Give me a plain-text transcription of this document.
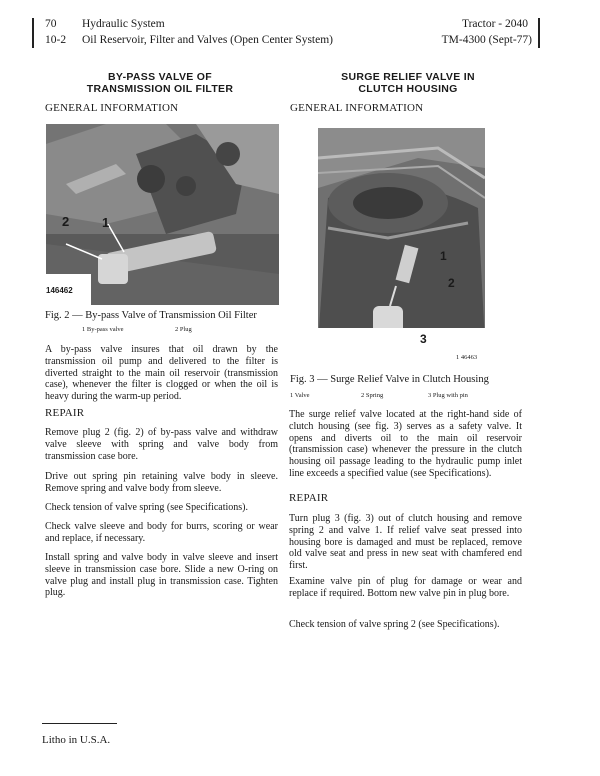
70 Hydraulic System
10-2 Oil Reservoir, Filter and Valves (Open Center System)
Tractor - 2040
TM-4300 (Sept-77)
BY-PASS VALVE OF
TRANSMISSION OIL FILTER
GENERAL INFORMATION
2	1
146462
Fig. 2 — By-pass Valve of Transmission Oil Filter
1 By-pass valve	2 Plug
A by-pass valve insures that oil drawn by the transmission oil pump and delivered to the filter is diverted straight to the main oil reservoir (transmission case), whenever the filter is clogged or when the oil is heavy during the warm-up period.
REPAIR
Remove plug 2 (fig. 2) of by-pass valve and withdraw valve sleeve with spring and valve body from transmission case bore.
Drive out spring pin retaining valve body in sleeve. Remove spring and valve body from sleeve.
Check tension of valve spring (see Specifications).
Check valve sleeve and body for burrs, scoring or wear and replace, if necessary.
Install spring and valve body in valve sleeve and insert sleeve in transmission case bore. Slide a new O-ring on valve plug and install plug in transmission case. Tighten plug.
SURGE RELIEF VALVE IN
CLUTCH HOUSING
GENERAL INFORMATION
1
2
3
1 46463
Fig. 3 — Surge Relief Valve in Clutch Housing
1 Valve	2 Spring	3 Plug with pin
The surge relief valve located at the right-hand side of clutch housing (see fig. 3) serves as a safety valve. It opens and diverts oil to the main oil reservoir (transmission case) whenever the pressure in the clutch housing oil passage leading to the hydraulic pump inlet line exceeds a specified value (see Specifications).
REPAIR
Turn plug 3 (fig. 3) out of clutch housing and remove spring 2 and valve 1. If relief valve seat pressed into housing bore is damaged and must be replaced, remove old valve seat and press in new seat with chamfered end first.
Examine valve pin of plug for damage or wear and replace if required. Bottom new valve pin in plug bore.
Check tension of valve spring 2 (see Specifications).
Litho in U.S.A.
